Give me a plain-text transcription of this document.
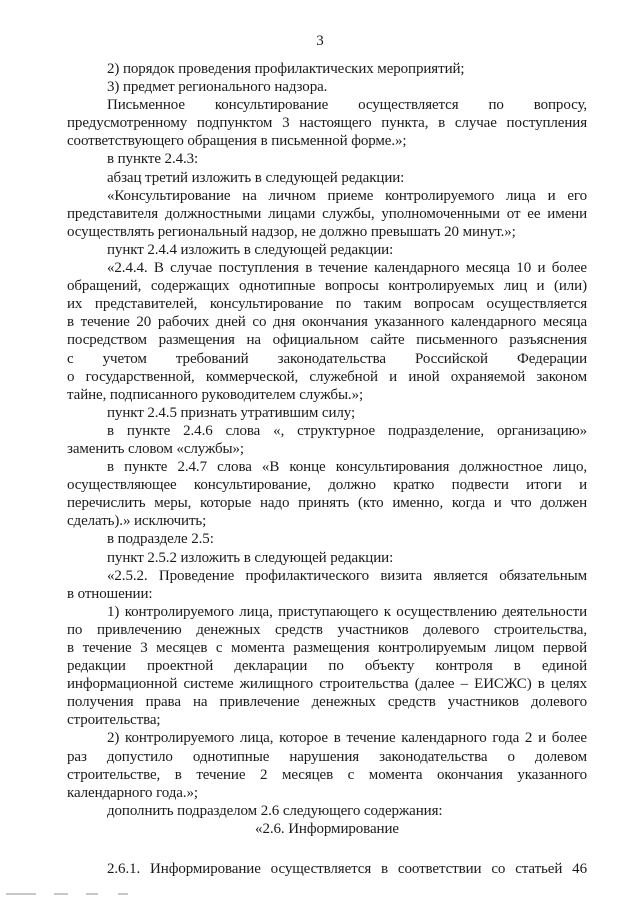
3
2) порядок проведения профилактических мероприятий;
3) предмет регионального надзора.
Письменное консультирование осуществляется по вопросу,
предусмотренному подпунктом 3 настоящего пункта, в случае поступления
соответствующего обращения в письменной форме.»;
в пункте 2.4.3:
абзац третий изложить в следующей редакции:
«Консультирование на личном приеме контролируемого лица и его
представителя должностными лицами службы, уполномоченными от ее имени
осуществлять региональный надзор, не должно превышать 20 минут.»;
пункт 2.4.4 изложить в следующей редакции:
«2.4.4. В случае поступления в течение календарного месяца 10 и более
обращений, содержащих однотипные вопросы контролируемых лиц и (или)
их представителей, консультирование по таким вопросам осуществляется
в течение 20 рабочих дней со дня окончания указанного календарного месяца
посредством размещения на официальном сайте письменного разъяснения
с учетом требований законодательства Российской Федерации
о государственной, коммерческой, служебной и иной охраняемой законом
тайне, подписанного руководителем службы.»;
пункт 2.4.5 признать утратившим силу;
в пункте 2.4.6 слова «, структурное подразделение, организацию»
заменить словом «службы»;
в пункте 2.4.7 слова «В конце консультирования должностное лицо,
осуществляющее консультирование, должно кратко подвести итоги и
перечислить меры, которые надо принять (кто именно, когда и что должен
сделать).» исключить;
в подразделе 2.5:
пункт 2.5.2 изложить в следующей редакции:
«2.5.2. Проведение профилактического визита является обязательным
в отношении:
1) контролируемого лица, приступающего к осуществлению деятельности
по привлечению денежных средств участников долевого строительства,
в течение 3 месяцев с момента размещения контролируемым лицом первой
редакции проектной декларации по объекту контроля в единой
информационной системе жилищного строительства (далее – ЕИСЖС) в целях
получения права на привлечение денежных средств участников долевого
строительства;
2) контролируемого лица, которое в течение календарного года 2 и более
раз допустило однотипные нарушения законодательства о долевом
строительстве, в течение 2 месяцев с момента окончания указанного
календарного года.»;
дополнить подразделом 2.6 следующего содержания:
«2.6. Информирование
2.6.1. Информирование осуществляется в соответствии со статьей 46
